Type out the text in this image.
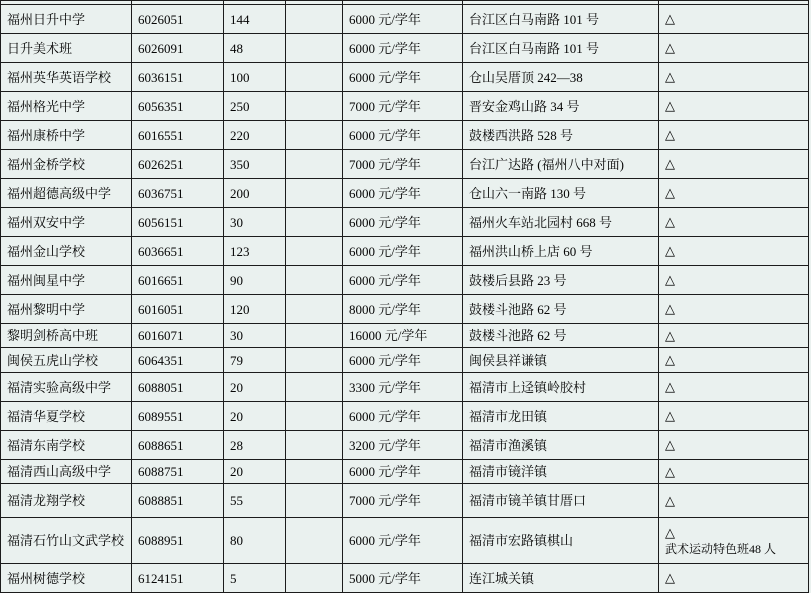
福州日升中学	6026051	144		6000 元/学年	台江区白马南路 101 号	△

日升美术班	6026091	48		6000 元/学年	台江区白马南路 101 号	△

福州英华英语学校	6036151	100		6000 元/学年	仓山吴厝顶 242—38	△

福州格光中学	6056351	250		7000 元/学年	晋安金鸡山路 34 号	△

福州康桥中学	6016551	220		6000 元/学年	鼓楼西洪路 528 号	△

福州金桥学校	6026251	350		7000 元/学年	台江广达路 (福州八中对面)	△

福州超德高级中学	6036751	200		6000 元/学年	仓山六一南路 130 号	△

福州双安中学	6056151	30		6000 元/学年	福州火车站北园村 668 号	△

福州金山学校	6036651	123		6000 元/学年	福州洪山桥上店 60 号	△

福州闽星中学	6016651	90		6000 元/学年	鼓楼后县路 23 号	△

福州黎明中学	6016051	120		8000 元/学年	鼓楼斗池路 62 号	△

黎明剑桥高中班	6016071	30		16000 元/学年	鼓楼斗池路 62 号	△

闽侯五虎山学校	6064351	79		6000 元/学年	闽侯县祥谦镇	△

福清实验高级中学	6088051	20		3300 元/学年	福清市上迳镇岭胶村	△

福清华夏学校	6089551	20		6000 元/学年	福清市龙田镇	△

福清东南学校	6088651	28		3200 元/学年	福清市渔溪镇	△

福清西山高级中学	6088751	20		6000 元/学年	福清市镜洋镇	△

福清龙翔学校	6088851	55		7000 元/学年	福清市镜羊镇甘厝口	△

福清石竹山文武学校	6088951	80		6000 元/学年	福清市宏路镇棋山	△
武术运动特色班48 人

福州树德学校	6124151	5		5000 元/学年	连江城关镇	△
